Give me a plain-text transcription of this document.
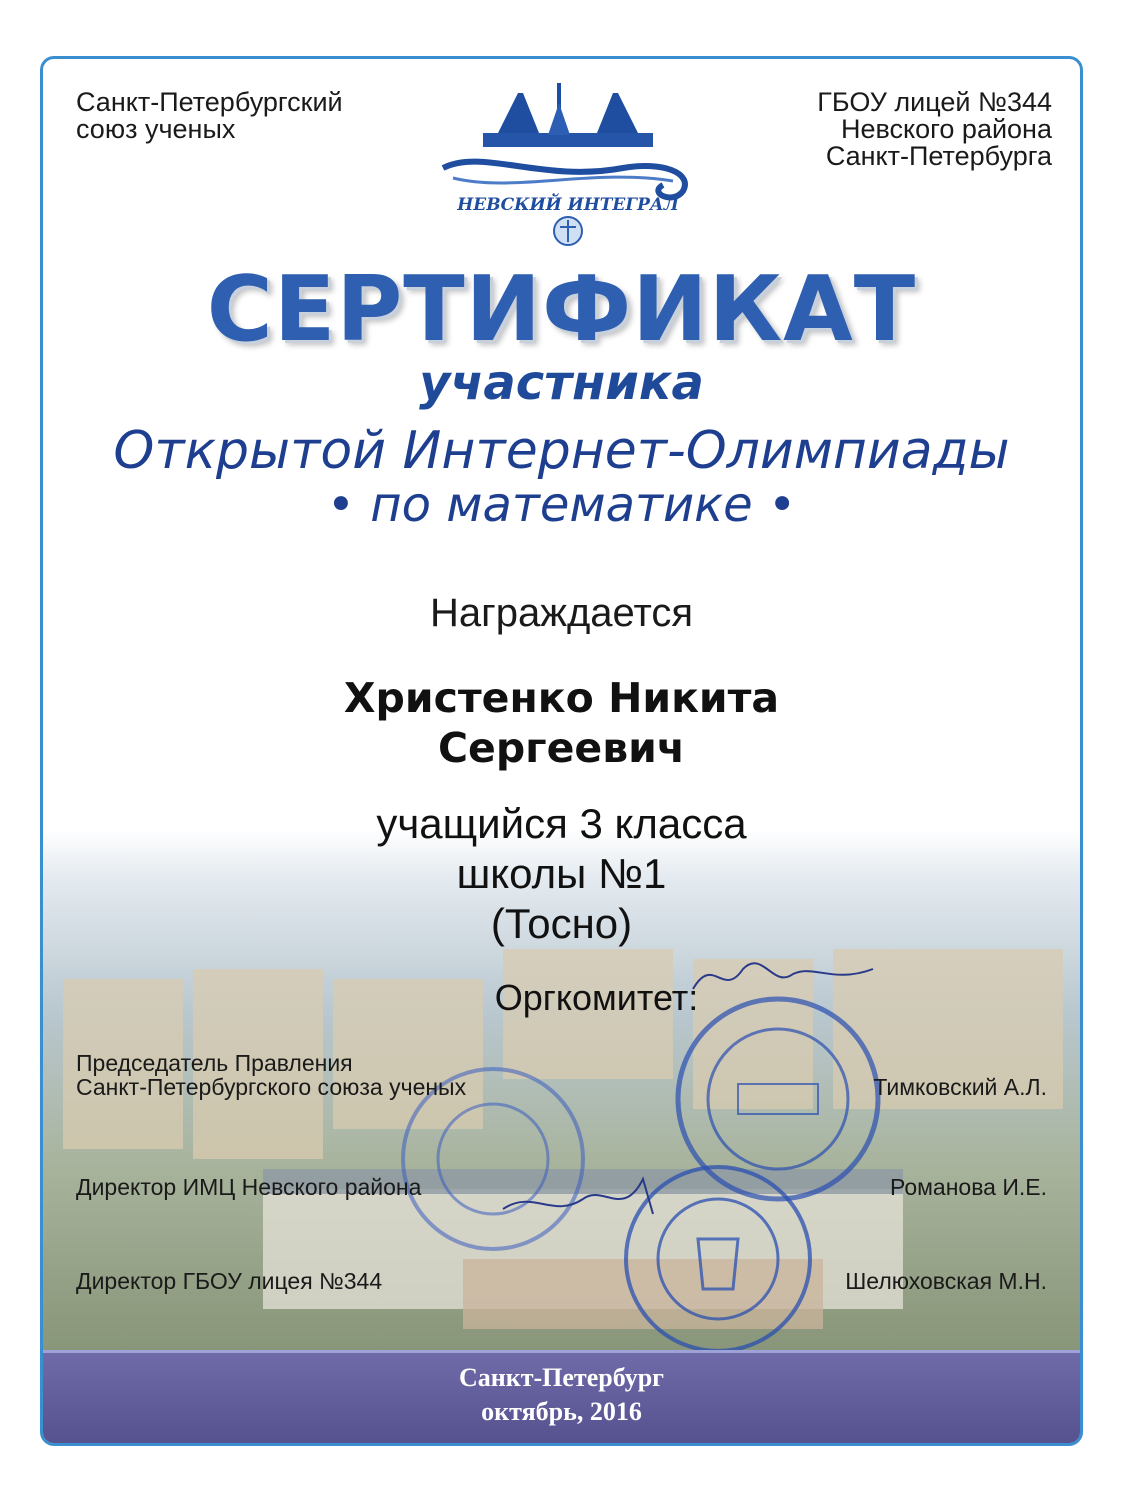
Санкт-Петербургский
союз ученых
ГБОУ лицей №344
Невского района
Санкт-Петербурга
НЕВСКИЙ ИНТЕГРАЛ
СЕРТИФИКАТ
участника
Открытой Интернет-Олимпиады
• по математике •
Награждается
Христенко Никита
Сергеевич
учащийся 3 класса
школы №1
(Тосно)
Оргкомитет:
Председатель Правления
Санкт-Петербургского союза ученых	Тимковский А.Л.
Директор ИМЦ Невского района	Романова И.Е.
Директор ГБОУ лицея №344	Шелюховская М.Н.
Санкт-Петербург
октябрь, 2016
